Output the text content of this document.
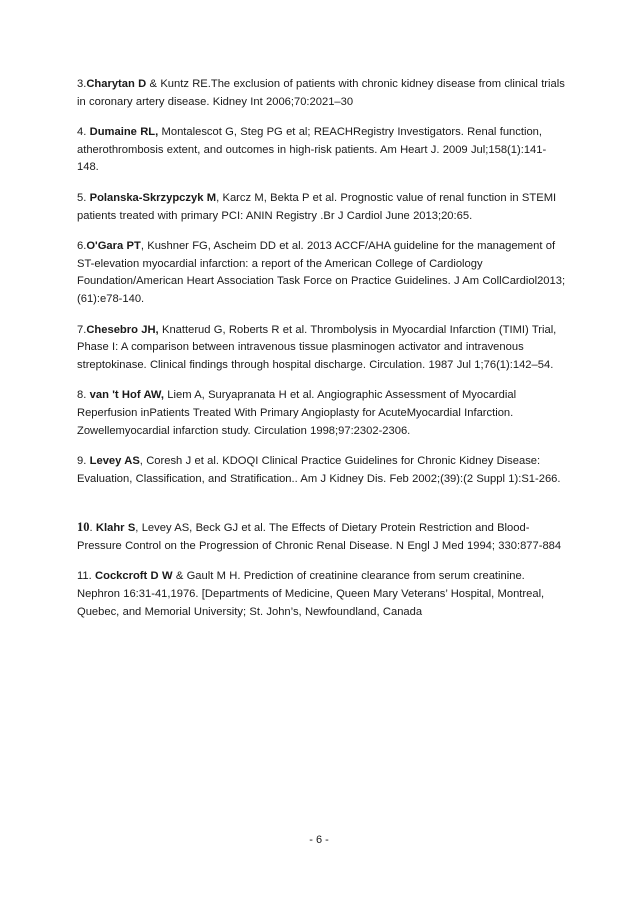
3.Charytan D & Kuntz RE.The exclusion of patients with chronic kidney disease from clinical trials in coronary artery disease. Kidney Int 2006;70:2021–30

4. Dumaine RL, Montalescot G, Steg PG et al; REACHRegistry Investigators. Renal function, atherothrombosis extent, and outcomes in high-risk patients. Am Heart J. 2009 Jul;158(1):141-148.

5. Polanska-Skrzypczyk M, Karcz M, Bekta P et al. Prognostic value of renal function in STEMI patients treated with primary PCI: ANIN Registry .Br J Cardiol June 2013;20:65.

6.O'Gara PT, Kushner FG, Ascheim DD et al. 2013 ACCF/AHA guideline for the management of ST-elevation myocardial infarction: a report of the American College of Cardiology Foundation/American Heart Association Task Force on Practice Guidelines. J Am CollCardiol2013;(61):e78-140.

7.Chesebro JH, Knatterud G, Roberts R et al. Thrombolysis in Myocardial Infarction (TIMI) Trial, Phase I: A comparison between intravenous tissue plasminogen activator and intravenous streptokinase. Clinical findings through hospital discharge. Circulation. 1987 Jul 1;76(1):142–54.

8. van 't Hof AW, Liem A, Suryapranata H et al. Angiographic Assessment of Myocardial Reperfusion inPatients Treated With Primary Angioplasty for AcuteMyocardial Infarction. Zowellemyocardial infarction study. Circulation 1998;97:2302-2306.

9. Levey AS, Coresh J et al. KDOQI Clinical Practice Guidelines for Chronic Kidney Disease: Evaluation, Classification, and Stratification.. Am J Kidney Dis. Feb 2002;(39):(2 Suppl 1):S1-266.

10. Klahr S, Levey AS, Beck GJ et al. The Effects of Dietary Protein Restriction and Blood-Pressure Control on the Progression of Chronic Renal Disease. N Engl J Med 1994; 330:877-884

11. Cockcroft D W & Gault M H. Prediction of creatinine clearance from serum creatinine. Nephron 16:31-41,1976. [Departments of Medicine, Queen Mary Veterans’ Hospital, Montreal, Quebec, and Memorial University; St. John’s, Newfoundland, Canada

- 6 -
